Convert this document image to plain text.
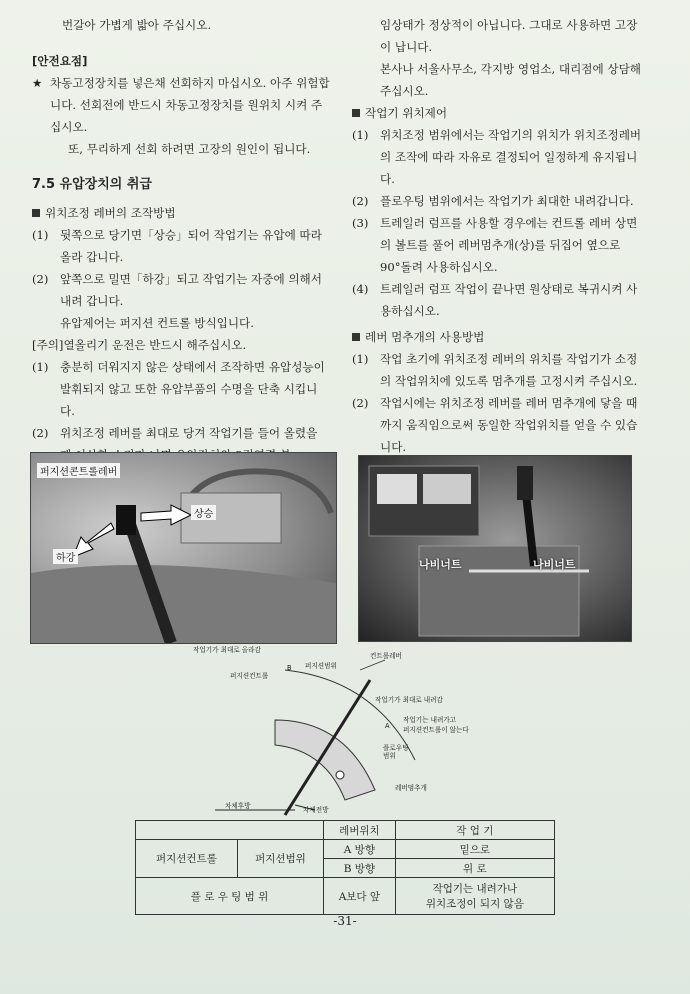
번갈아 가볍게 밟아 주십시오.

[안전요점]

★ 차동고정장치를 넣은채 선회하지 마십시오. 아주 위험합니다. 선회전에 반드시 차동고정장치를 원위치 시켜 주십시오.

또, 무리하게 선회 하려면 고장의 원인이 됩니다.

7.5 유압장치의 취급

위치조정 레버의 조작방법

(1) 뒷쪽으로 당기면「상승」되어 작업기는 유압에 따라 올라 갑니다.

(2) 앞쪽으로 밀면「하강」되고 작업기는 자중에 의해서 내려 갑니다.

유압제어는 퍼지션 컨트롤 방식입니다.

[주의]열올리기 운전은 반드시 해주십시오.

(1) 충분히 더워지지 않은 상태에서 조작하면 유압성능이 발휘되지 않고 또한 유압부품의 수명을 단축 시킵니다.

(2) 위치조정 레버를 최대로 당겨 작업기를 들어 올렸을

임상태가 정상적이 아닙니다. 그대로 사용하면 고장이 납니다.

본사나 서울사무소, 각지방 영업소, 대리점에 상담해 주십시오.

작업기 위치제어

(1) 위치조정 범위에서는 작업기의 위치가 위치조정레버의 조작에 따라 자유로 결정되어 일정하게 유지됩니다.

(2) 플로우팅 범위에서는 작업기가 최대한 내려갑니다.

(3) 트레일러 럼프를 사용할 경우에는 컨트롤 레버 상면의 볼트를 풀어 레버멈추개(상)를 뒤집어 옆으로 90°돌려 사용하십시오.

(4) 트레일러 럼프 작업이 끝나면 원상태로 복귀시켜 사용하십시오.

레버 멈추개의 사용방법

(1) 작업 초기에 위치조정 레버의 위치를 작업기가 소정의 작업위치에 있도록 멈추개를 고정시켜 주십시오.

(2) 작업시에는 위치조정 레버를 레버 멈추개에 닿을 때까지 움직임으로써 동일한 작업위치를 얻을 수 있습니다.

퍼지션콘트롤레버
상승
하강	나비너트	나비너트
작업기가 최대로 올라감
컨트롤레버
B
퍼지션컨트롤
퍼지션범위
작업기가 최대로 내려감
A
작업기는 내려가고
퍼지션컨트롤이 않는다
플로우팅
범위
레버멈추개
차체후방	차체전방
		레버위치	작 업 기
퍼지션컨트롤	퍼지션범위	A 방향	밑으로
		B 방향	위 로
플 로 우 팅 범 위		A보다 앞	작업기는 내려가나
위치조정이 되지 않음
-31-
